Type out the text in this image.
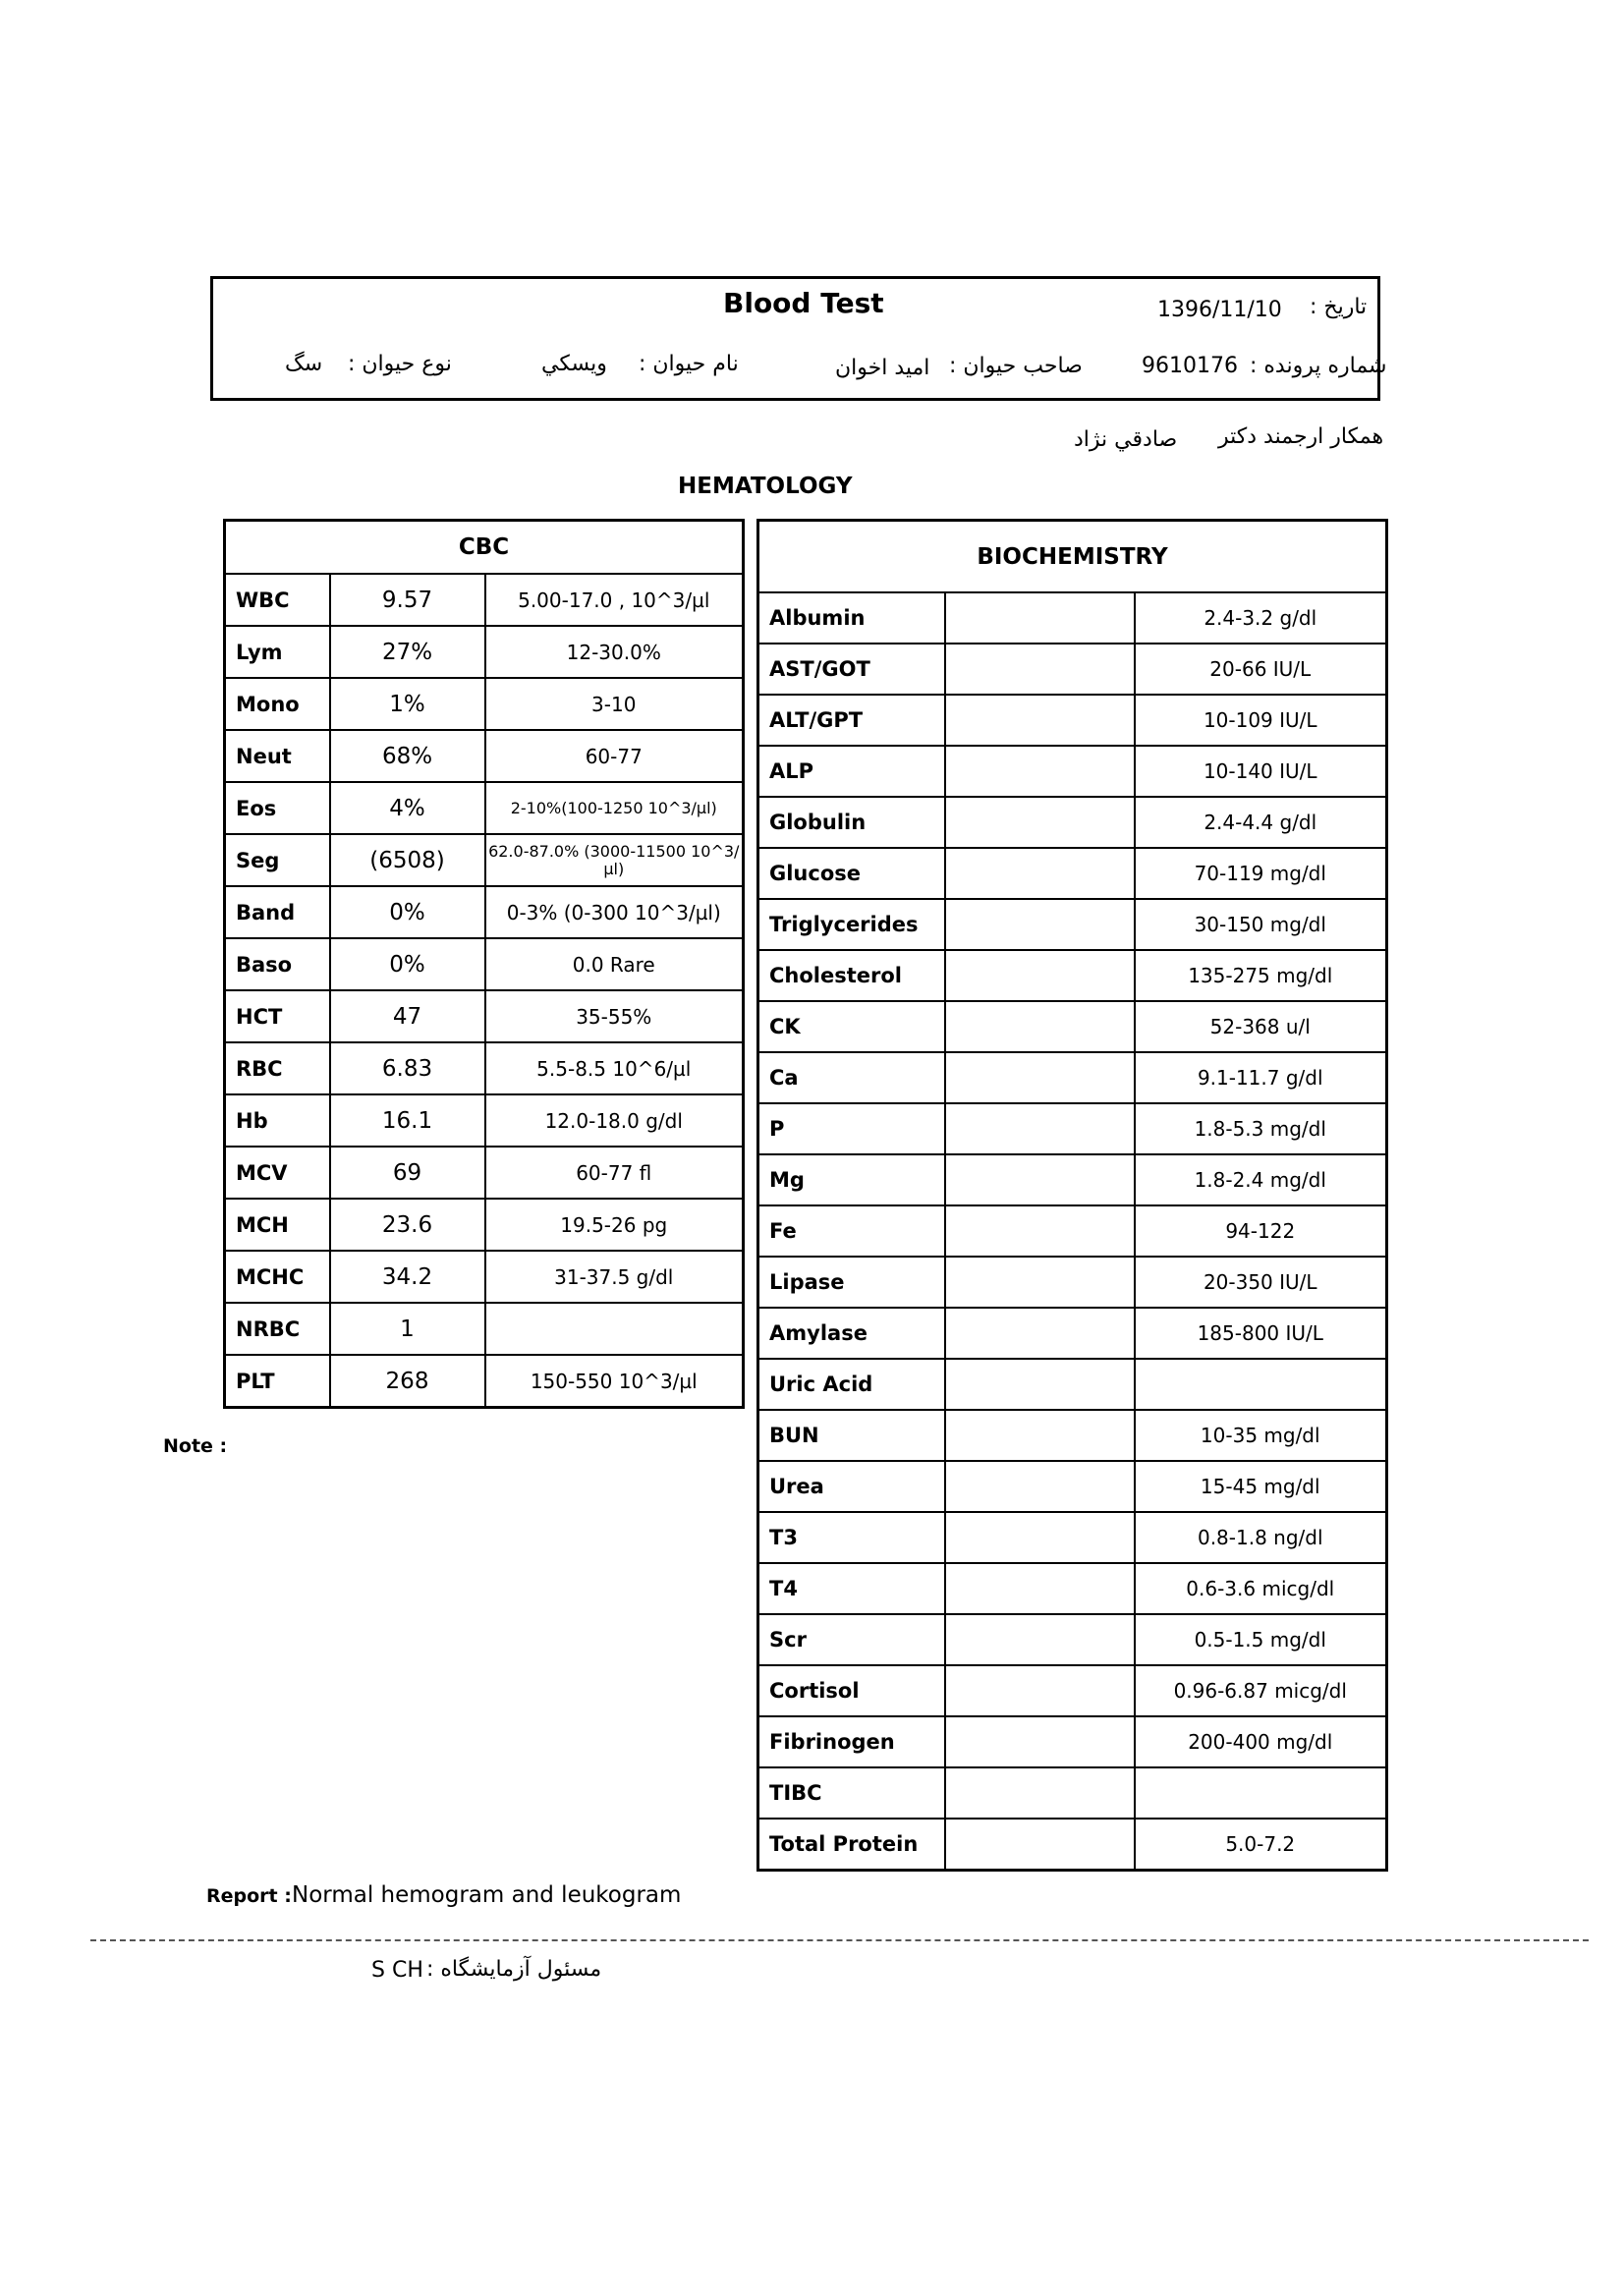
Blood Test	تاریخ :
1396/11/10
شماره پرونده :
9610176
صاحب حیوان :
امید اخوان
نام حیوان :
ویسکي
نوع حیوان :
سگ
همکار ارجمند دکتر
صادقي نژاد
HEMATOLOGY
CBC		
WBC	9.57	5.00-17.0 , 10^3/µl
Lym	27%	12-30.0%
Mono	1%	3-10
Neut	68%	60-77
Eos	4%	2-10%(100-1250 10^3/µl)
Seg	(6508)	62.0-87.0% (3000-11500 10^3/µl)
Band	0%	0-3% (0-300 10^3/µl)
Baso	0%	0.0 Rare
HCT	47	35-55%
RBC	6.83	5.5-8.5 10^6/µl
Hb	16.1	12.0-18.0 g/dl
MCV	69	60-77 fl
MCH	23.6	19.5-26 pg
MCHC	34.2	31-37.5 g/dl
NRBC	1	
PLT	268	150-550 10^3/µl
BIOCHEMISTRY		
Albumin		2.4-3.2 g/dl
AST/GOT		20-66 IU/L
ALT/GPT		10-109 IU/L
ALP		10-140 IU/L
Globulin		2.4-4.4 g/dl
Glucose		70-119 mg/dl
Triglycerides		30-150 mg/dl
Cholesterol		135-275 mg/dl
CK		52-368 u/l
Ca		9.1-11.7 g/dl
P		1.8-5.3 mg/dl
Mg		1.8-2.4 mg/dl
Fe		94-122
Lipase		20-350 IU/L
Amylase		185-800 IU/L
Uric Acid		
BUN		10-35 mg/dl
Urea		15-45 mg/dl
T3		0.8-1.8 ng/dl
T4		0.6-3.6 micg/dl
Scr		0.5-1.5 mg/dl
Cortisol		0.96-6.87 micg/dl
Fibrinogen		200-400 mg/dl
TIBC		
Total Protein		5.0-7.2
Note :
Report : Normal hemogram and leukogram
مسئول آزمایشگاه :
S CH
